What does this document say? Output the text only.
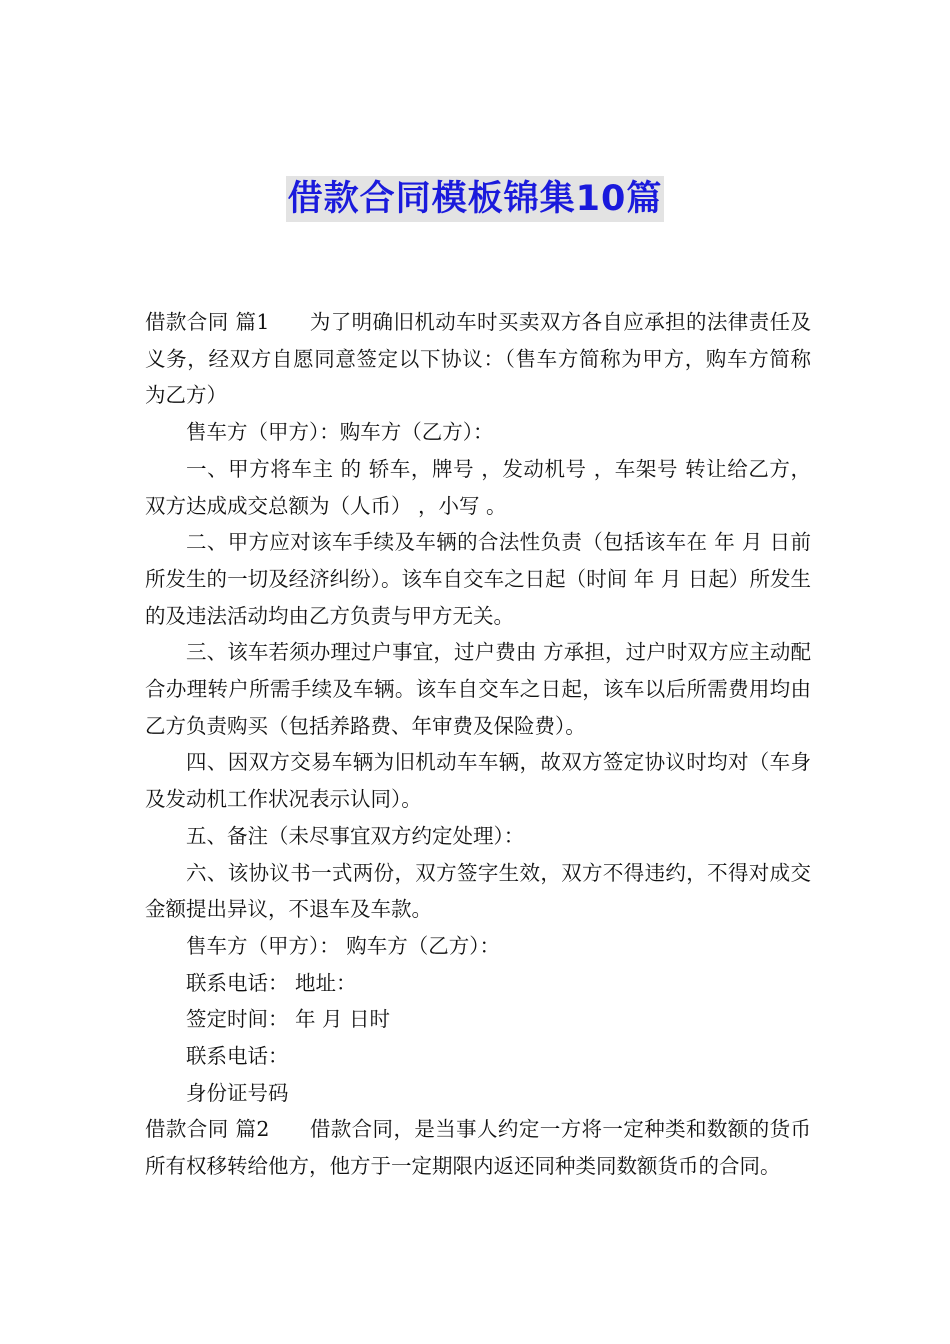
借款合同模板锦集10篇

借款合同 篇1 为了明确旧机动车时买卖双方各自应承担的法律责任及义务，经双方自愿同意签定以下协议：（售车方简称为甲方，购车方简称为乙方）

售车方（甲方）：购车方（乙方）：

一、甲方将车主 的 轿车，牌号 ，发动机号 ，车架号 转让给乙方，双方达成成交总额为（人币） ，小写 。

二、甲方应对该车手续及车辆的合法性负责（包括该车在 年 月 日前所发生的一切及经济纠纷）。该车自交车之日起（时间 年 月 日起）所发生的及违法活动均由乙方负责与甲方无关。

三、该车若须办理过户事宜，过户费由 方承担，过户时双方应主动配合办理转户所需手续及车辆。该车自交车之日起，该车以后所需费用均由乙方负责购买（包括养路费、年审费及保险费）。

四、因双方交易车辆为旧机动车车辆，故双方签定协议时均对（车身及发动机工作状况表示认同）。

五、备注（未尽事宜双方约定处理）：

六、该协议书一式两份，双方签字生效，双方不得违约，不得对成交金额提出异议，不退车及车款。

售车方（甲方）： 购车方（乙方）：

联系电话： 地址：

签定时间： 年 月 日时

联系电话：

身份证号码

借款合同 篇2 借款合同，是当事人约定一方将一定种类和数额的货币所有权移转给他方，他方于一定期限内返还同种类同数额货币的合同。
